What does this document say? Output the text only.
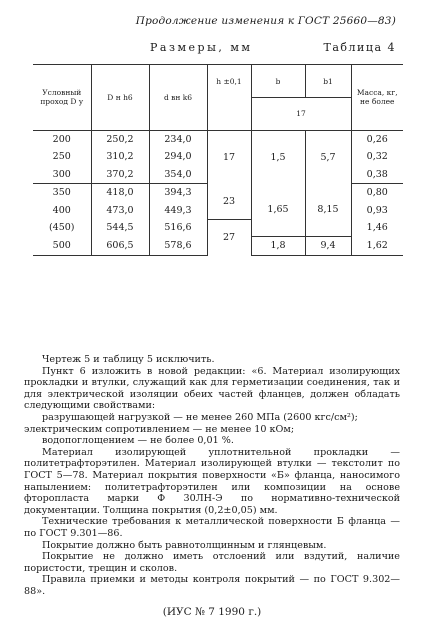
Продолжение изменения к ГОСТ 25660—83)
Размеры, мм	Таблица 4
Условный проход D у	D н h6	d вн k6	h ±0,1	b	b1	Масса, кг, не более
				17		

200	250,2	234,0	17	1,5	5,7	0,26
250	310,2	294,0				0,32
300	370,2	354,0				0,38
350	418,0	394,3	23	1,65	8,15	0,80
400	473,0	449,3				0,93
(450)	544,5	516,6	27			1,46
500	606,5	578,6		1,8	9,4	1,62

Чертеж 5 и таблицу 5 исключить.

Пункт 6 изложить в новой редакции: «6. Материал изолирующих прокладки и втулки, служащий как для герметизации соединения, так и для электрической изоляции обеих частей фланцев, должен обладать следующими свойствами:

разрушающей нагрузкой — не менее 260 МПа (2600 кгс/см²);

электрическим сопротивлением — не менее 10 кОм;

водопоглощением — не более 0,01 %.

Материал изолирующей уплотнительной прокладки — политетрафторэтилен. Материал изолирующей втулки — текстолит по ГОСТ 5—78. Материал покрытия поверхности «Б» фланца, наносимого напылением: политетрафторэтилен или композиции на основе фторопласта марки Ф 30ЛН-Э по нормативно-технической документации. Толщина покрытия (0,2±0,05) мм.

Технические требования к металлической поверхности Б фланца — по ГОСТ 9.301—86.

Покрытие должно быть равнотолщинным и глянцевым.

Покрытие не должно иметь отслоений или вздутий, наличие пористости, трещин и сколов.

Правила приемки и методы контроля покрытий — по ГОСТ 9.302—88».

(ИУС № 7 1990 г.)
